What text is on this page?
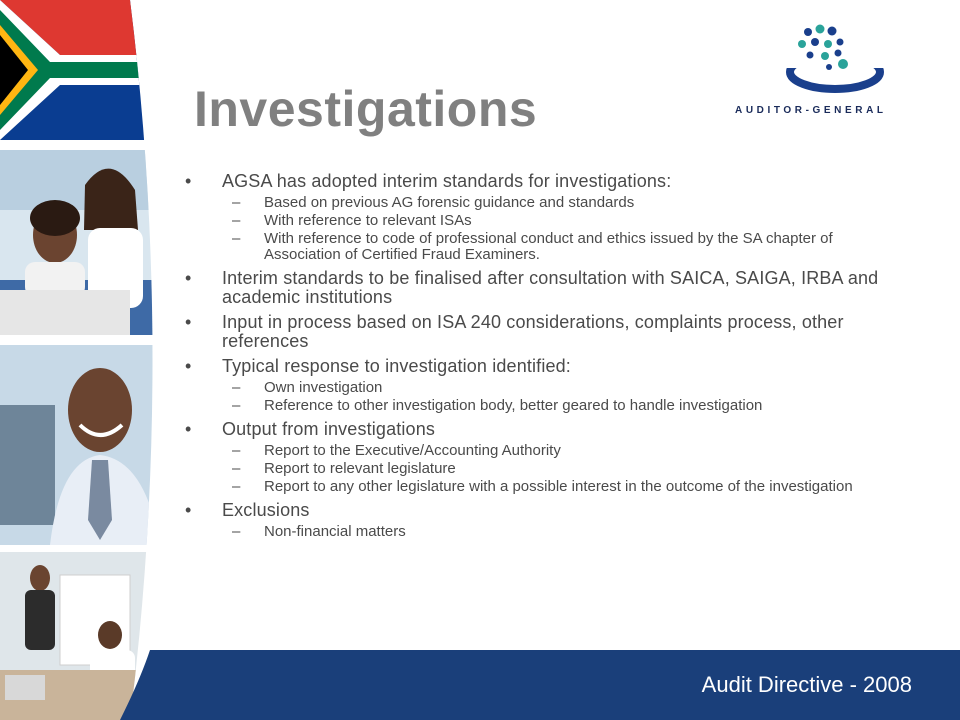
AUDITOR-GENERAL
Investigations
• AGSA has adopted interim standards for investigations:
– Based on previous AG forensic guidance and standards
– With reference to relevant ISAs
– With reference to code of professional conduct and ethics issued by the SA chapter of Association of Certified Fraud Examiners.
• Interim standards to be finalised after consultation with SAICA, SAIGA, IRBA and academic institutions
• Input in process based on ISA 240 considerations, complaints process, other references
• Typical response to investigation identified:
– Own investigation
– Reference to other investigation body, better geared to handle investigation
• Output from investigations
– Report to the Executive/Accounting Authority
– Report to relevant legislature
– Report to any other legislature with a possible interest in the outcome of the investigation
• Exclusions
– Non-financial matters
Audit Directive - 2008
